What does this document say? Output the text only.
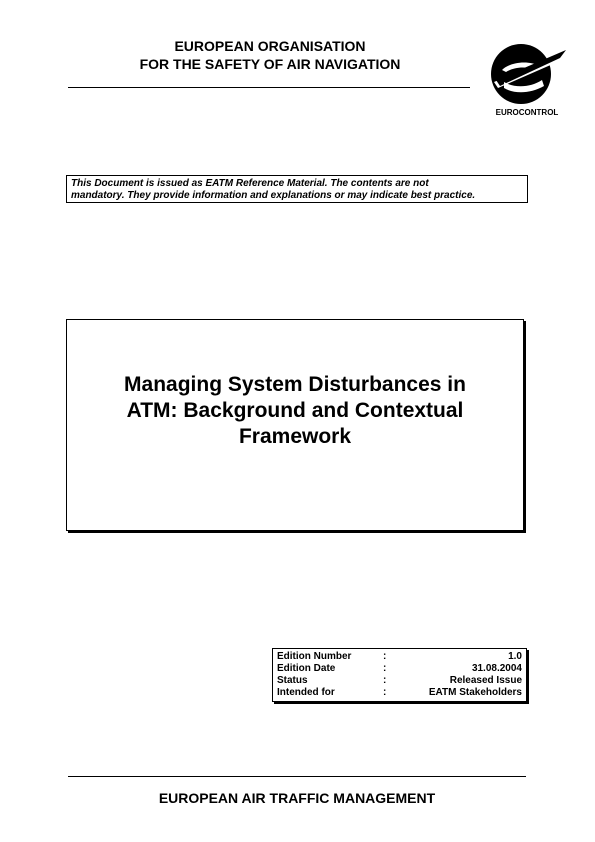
EUROPEAN ORGANISATION
FOR THE SAFETY OF AIR NAVIGATION
EUROCONTROL
This Document is issued as EATM Reference Material. The contents are not
mandatory. They provide information and explanations or may indicate best practice.
Managing System Disturbances in
ATM: Background and Contextual
Framework
Edition Number	:	1.0
Edition Date	:	31.08.2004
Status	:	Released Issue
Intended for	:	EATM Stakeholders
EUROPEAN AIR TRAFFIC MANAGEMENT
